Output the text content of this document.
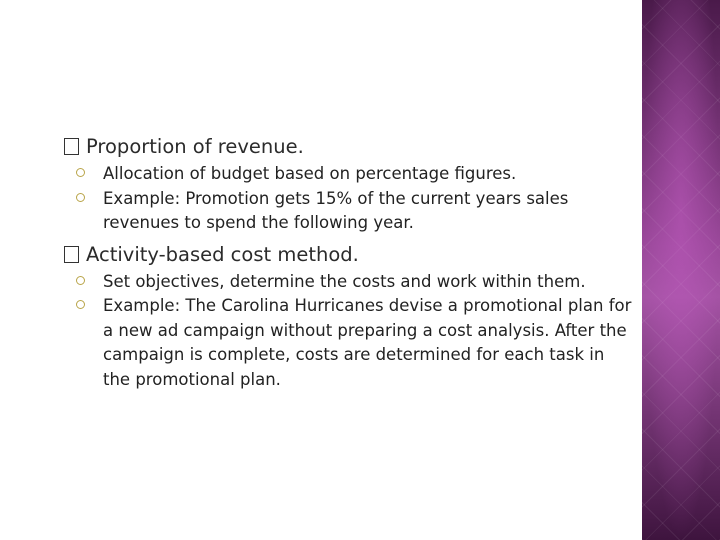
Proportion of revenue.
Allocation of budget based on percentage figures.
Example: Promotion gets 15% of the current years sales revenues to spend the following year.
Activity-based cost method.
Set objectives, determine the costs and work within them.
Example: The Carolina Hurricanes devise a promotional plan for a new ad campaign without preparing a cost analysis. After the campaign is complete, costs are determined for each task in the promotional plan.
